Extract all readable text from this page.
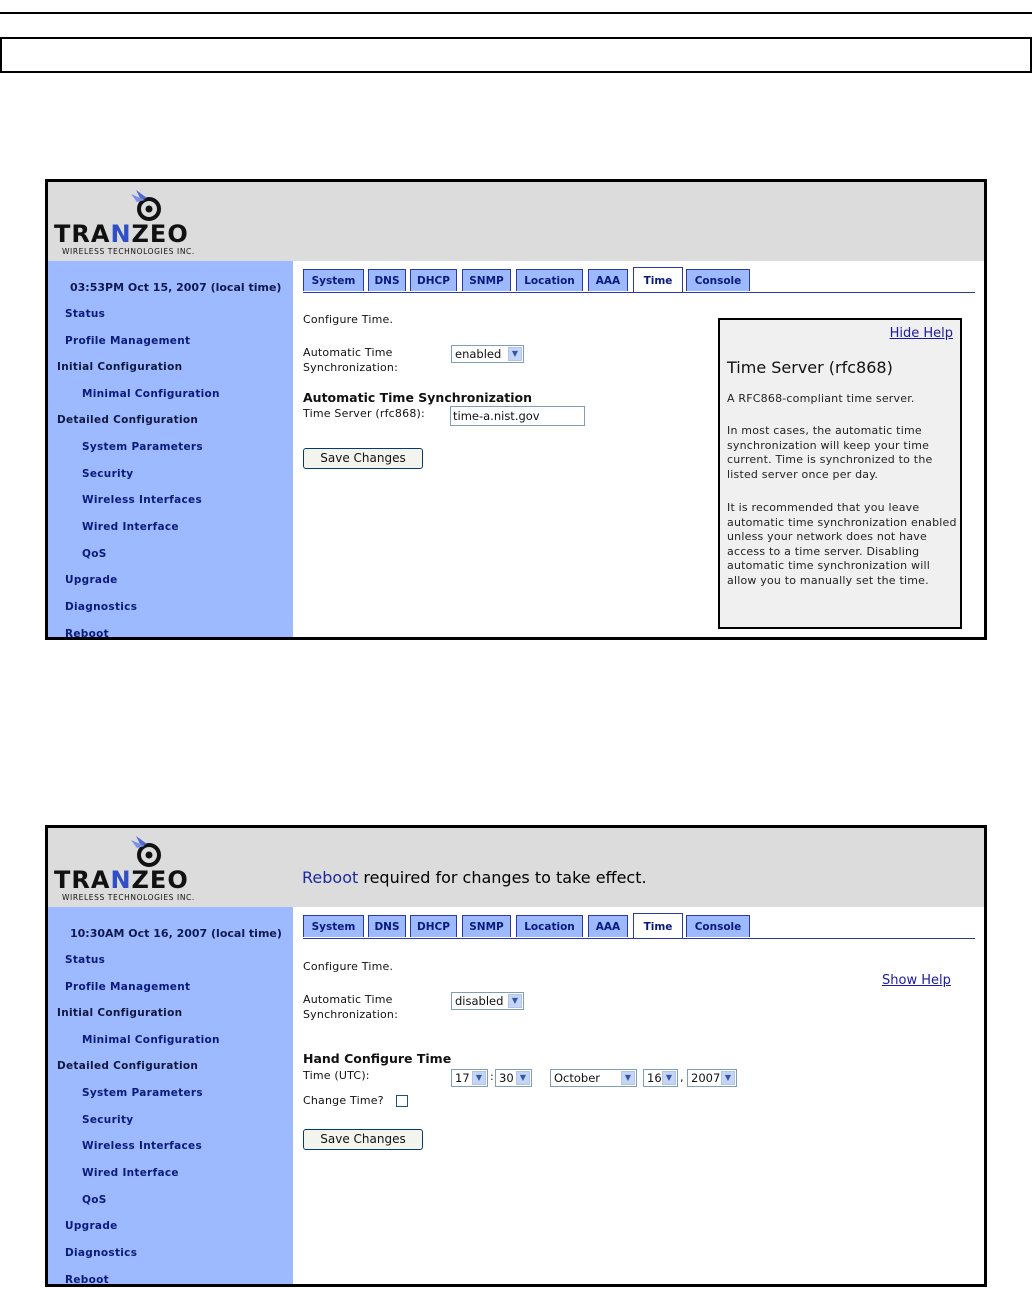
TRANZEO
WIRELESS TECHNOLOGIES INC.
03:53PM Oct 15, 2007 (local time)
Status
Profile Management
Initial Configuration
Minimal Configuration
Detailed Configuration
System Parameters
Security
Wireless Interfaces
Wired Interface
QoS
Upgrade
Diagnostics
Reboot
System	DNS	DHCP	SNMP	Location	AAA	Time	Console
Configure Time.
Automatic Time
Synchronization:
enabled	▼
Automatic Time Synchronization
Time Server (rfc868): time-a.nist.gov
Save Changes
Hide Help
Time Server (rfc868)
A RFC868-compliant time server.
In most cases, the automatic time synchronization will keep your time current. Time is synchronized to the listed server once per day.
It is recommended that you leave automatic time synchronization enabled unless your network does not have access to a time server. Disabling automatic time synchronization will allow you to manually set the time.
TRANZEO
WIRELESS TECHNOLOGIES INC.
Reboot required for changes to take effect.
10:30AM Oct 16, 2007 (local time)
Status
Profile Management
Initial Configuration
Minimal Configuration
Detailed Configuration
System Parameters
Security
Wireless Interfaces
Wired Interface
QoS
Upgrade
Diagnostics
Reboot
System	DNS	DHCP	SNMP	Location	AAA	Time	Console
Configure Time.
Show Help
Automatic Time
Synchronization:
disabled	▼
Hand Configure Time
Time (UTC):	17 ▼ : 30 ▼	October	▼	16 ▼ , 2007 ▼
Change Time?
Save Changes
